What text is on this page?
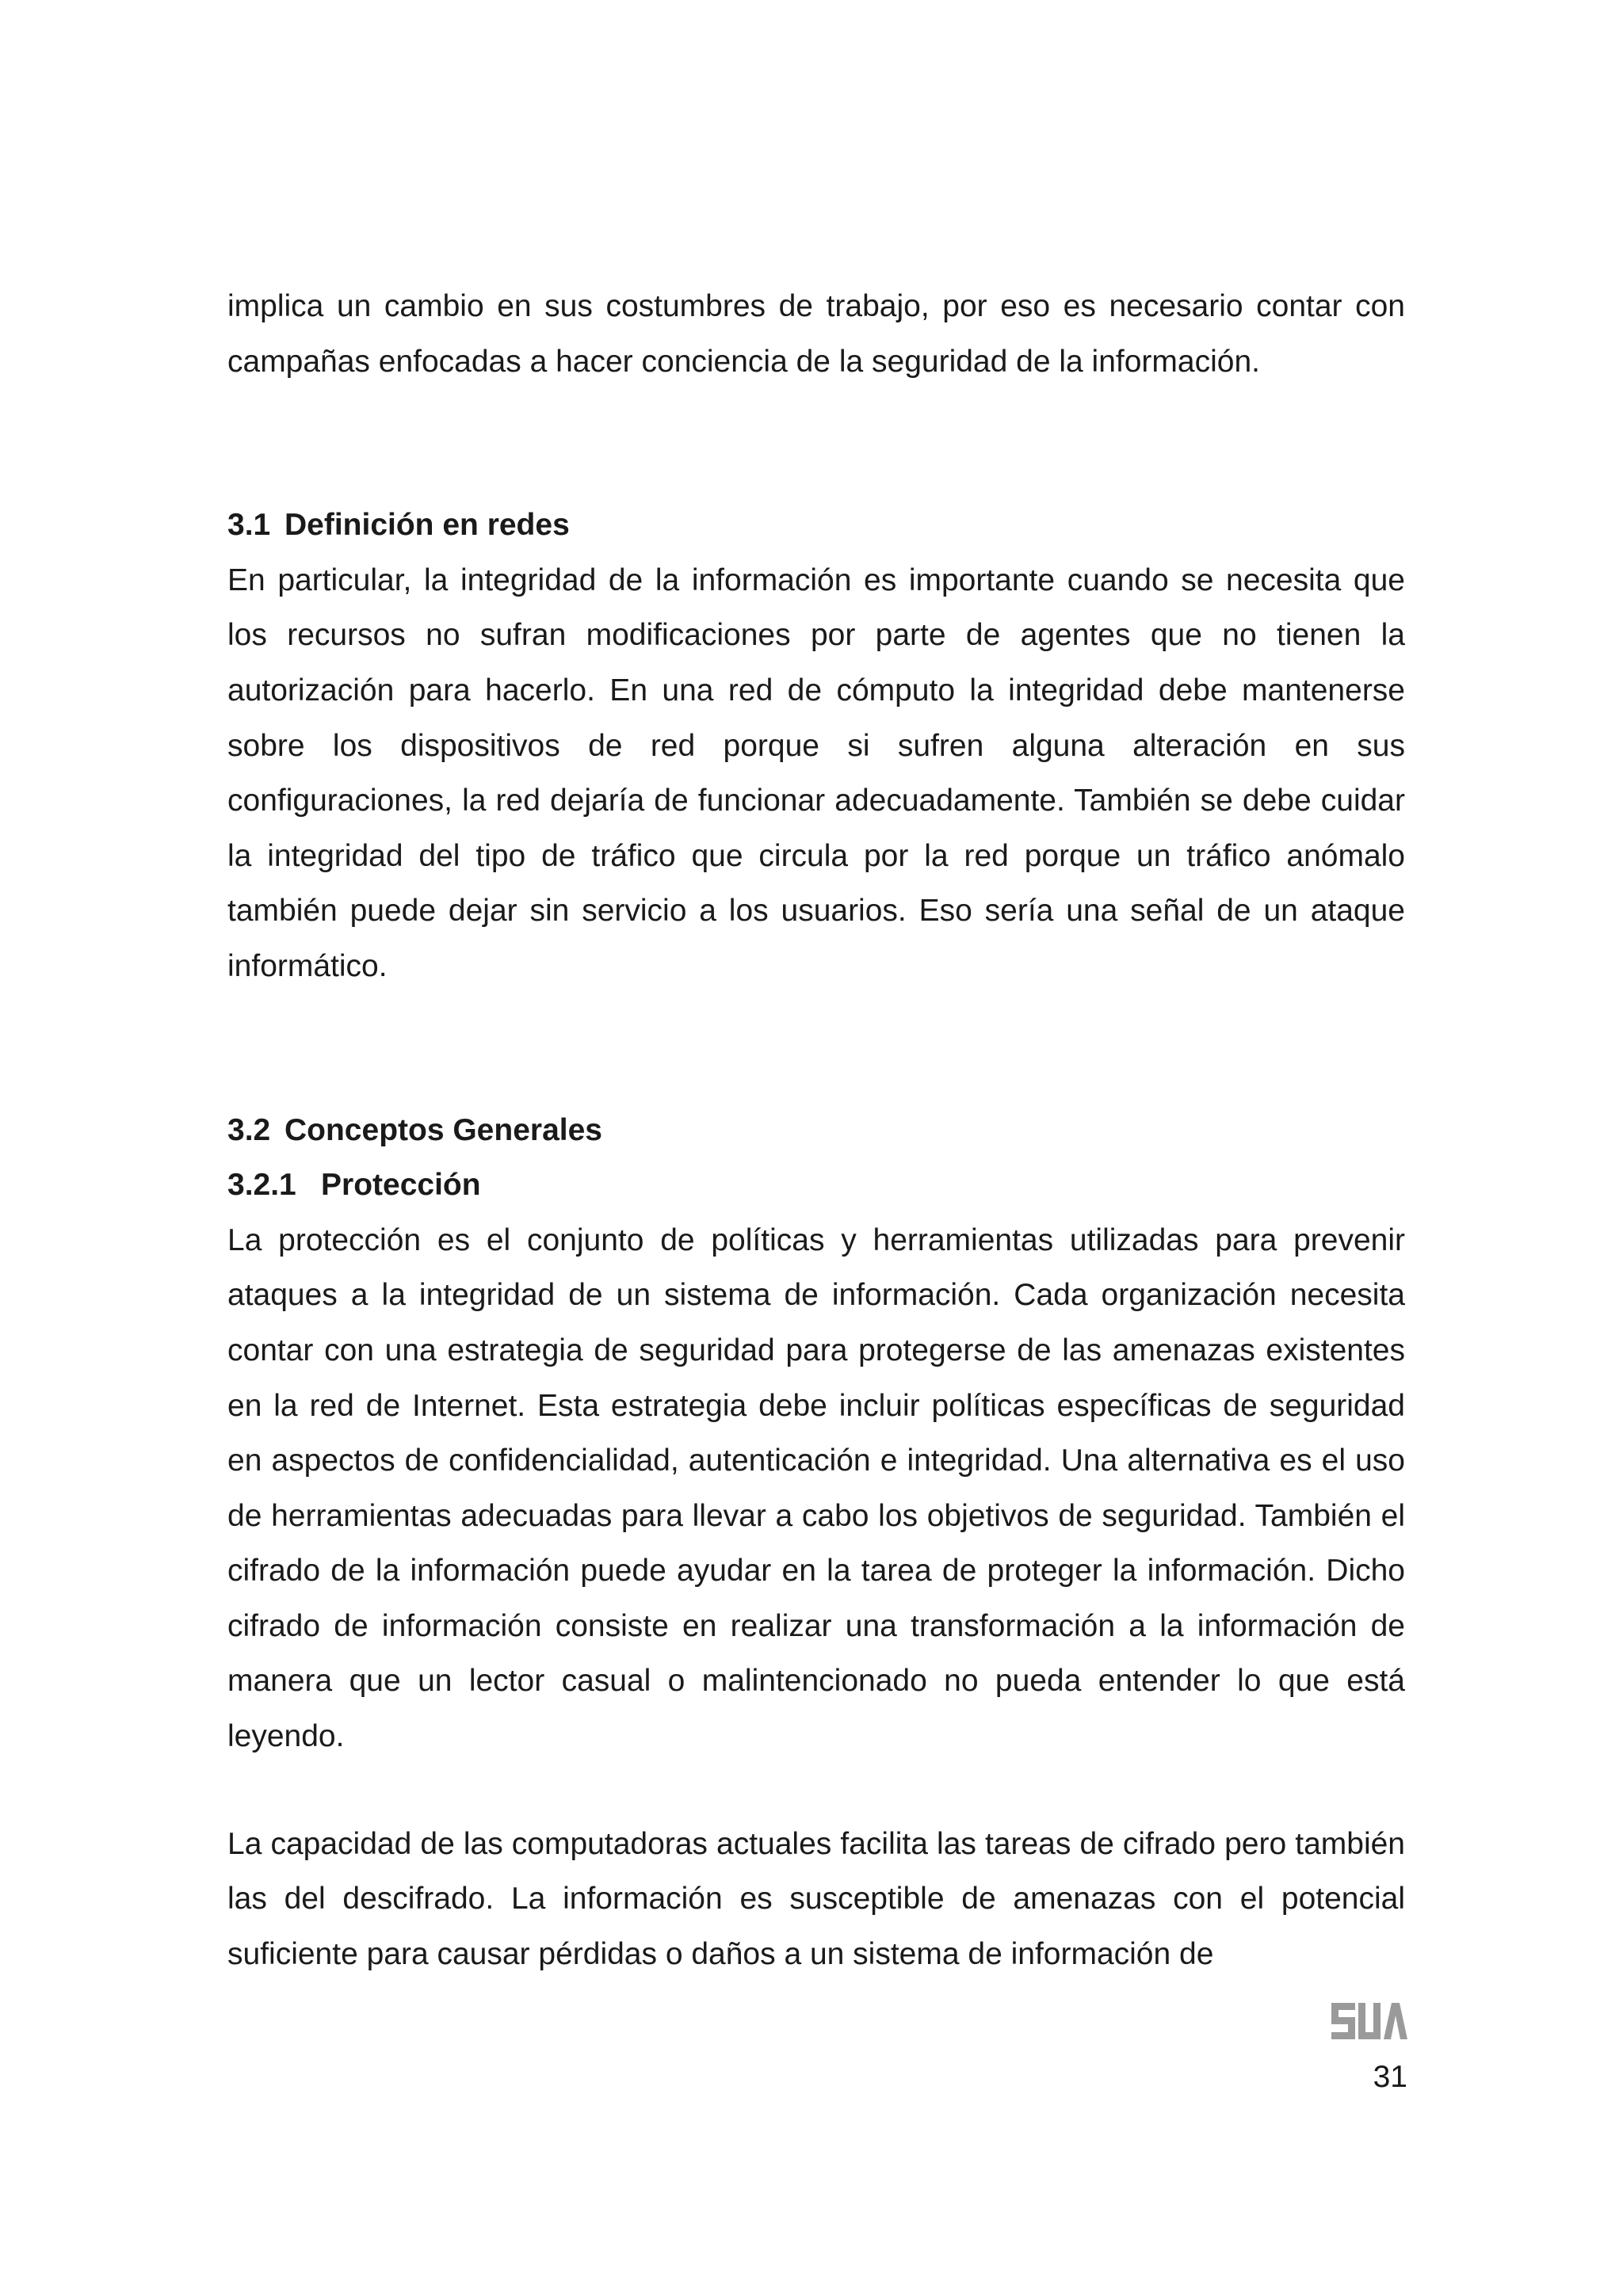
implica un cambio en sus costumbres de trabajo, por eso es necesario contar con campañas enfocadas a hacer conciencia de la seguridad de la información.

3.1 Definición en redes

En particular, la integridad de la información es importante cuando se necesita que los recursos no sufran modificaciones por parte de agentes que no tienen la autorización para hacerlo. En una red de cómputo la integridad debe mantenerse sobre los dispositivos de red porque si sufren alguna alteración en sus configuraciones, la red dejaría de funcionar adecuadamente. También se debe cuidar la integridad del tipo de tráfico que circula por la red porque un tráfico anómalo también puede dejar sin servicio a los usuarios. Eso sería una señal de un ataque informático.

3.2 Conceptos Generales
3.2.1 Protección

La protección es el conjunto de políticas y herramientas utilizadas para prevenir ataques a la integridad de un sistema de información. Cada organización necesita contar con una estrategia de seguridad para protegerse de las amenazas existentes en la red de Internet. Esta estrategia debe incluir políticas específicas de seguridad en aspectos de confidencialidad, autenticación e integridad. Una alternativa es el uso de herramientas adecuadas para llevar a cabo los objetivos de seguridad. También el cifrado de la información puede ayudar en la tarea de proteger la información. Dicho cifrado de información consiste en realizar una transformación a la información de manera que un lector casual o malintencionado no pueda entender lo que está leyendo.

La capacidad de las computadoras actuales facilita las tareas de cifrado pero también las del descifrado. La información es susceptible de amenazas con el potencial suficiente para causar pérdidas o daños a un sistema de información de

31
